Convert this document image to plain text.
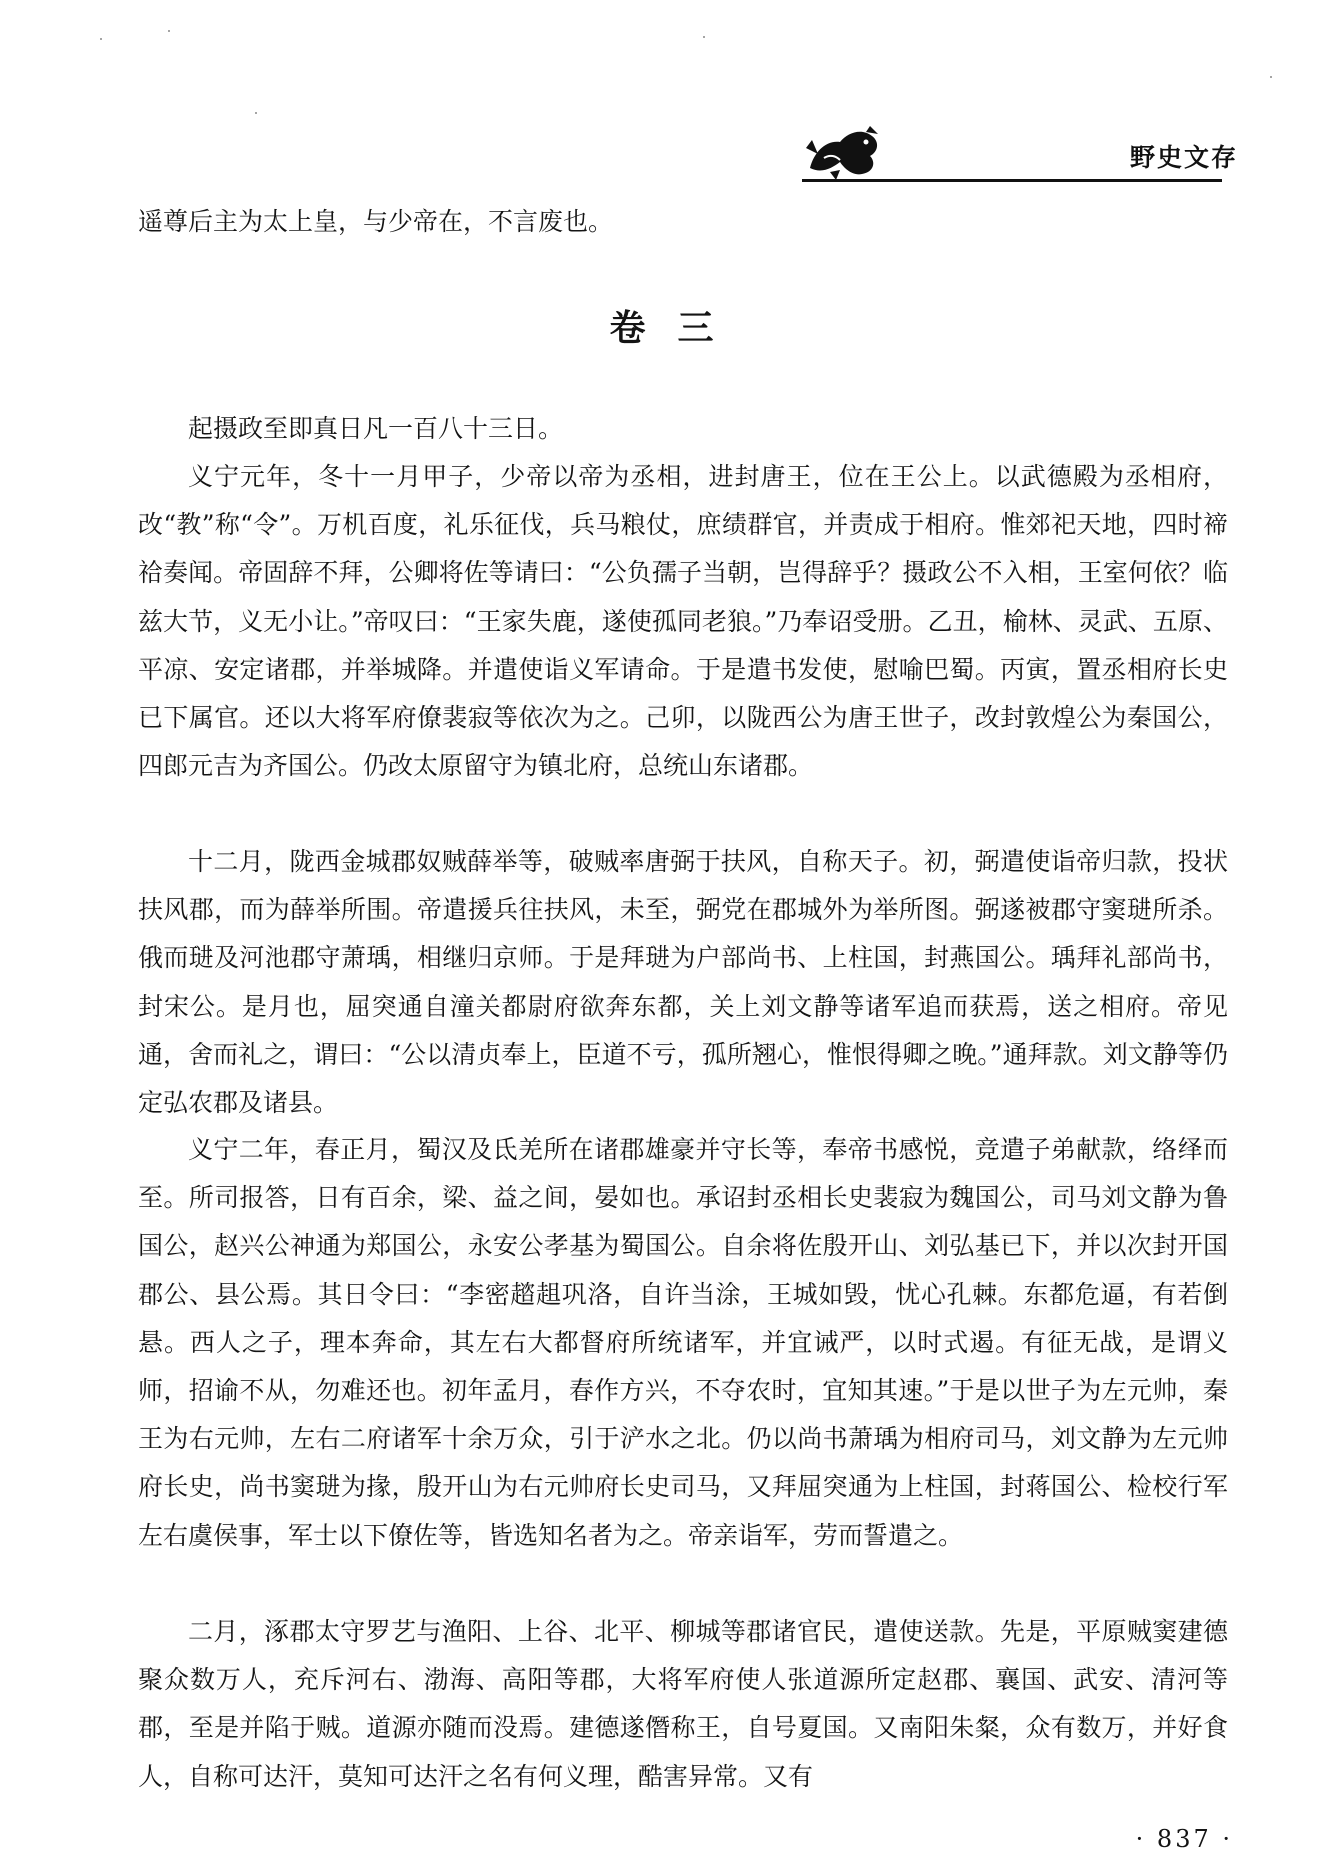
野史文存

遥尊后主为太上皇，与少帝在，不言废也。

卷三

起摄政至即真日凡一百八十三日。

义宁元年，冬十一月甲子，少帝以帝为丞相，进封唐王，位在王公上。以武德殿为丞相府，改“教”称“令”。万机百度，礼乐征伐，兵马粮仗，庶绩群官，并责成于相府。惟郊祀天地，四时禘祫奏闻。帝固辞不拜，公卿将佐等请曰：“公负孺子当朝，岂得辞乎？摄政公不入相，王室何依？临兹大节，义无小让。”帝叹曰：“王家失鹿，遂使孤同老狼。”乃奉诏受册。乙丑，榆林、灵武、五原、平凉、安定诸郡，并举城降。并遣使诣义军请命。于是遣书发使，慰喻巴蜀。丙寅，置丞相府长史已下属官。还以大将军府僚裴寂等依次为之。己卯，以陇西公为唐王世子，改封敦煌公为秦国公，四郎元吉为齐国公。仍改太原留守为镇北府，总统山东诸郡。

十二月，陇西金城郡奴贼薛举等，破贼率唐弼于扶风，自称天子。初，弼遣使诣帝归款，投状扶风郡，而为薛举所围。帝遣援兵往扶风，未至，弼党在郡城外为举所图。弼遂被郡守窦琎所杀。俄而琎及河池郡守萧瑀，相继归京师。于是拜琎为户部尚书、上柱国，封燕国公。瑀拜礼部尚书，封宋公。是月也，屈突通自潼关都尉府欲奔东都，关上刘文静等诸军追而获焉，送之相府。帝见通，舍而礼之，谓曰：“公以清贞奉上，臣道不亏，孤所翘心，惟恨得卿之晚。”通拜款。刘文静等仍定弘农郡及诸县。

义宁二年，春正月，蜀汉及氐羌所在诸郡雄豪并守长等，奉帝书感悦，竞遣子弟献款，络绎而至。所司报答，日有百余，梁、益之间，晏如也。承诏封丞相长史裴寂为魏国公，司马刘文静为鲁国公，赵兴公神通为郑国公，永安公孝基为蜀国公。自余将佐殷开山、刘弘基已下，并以次封开国郡公、县公焉。其日令曰：“李密趦趄巩洛，自许当涂，王城如毁，忧心孔棘。东都危逼，有若倒悬。西人之子，理本奔命，其左右大都督府所统诸军，并宜诫严，以时式遏。有征无战，是谓义师，招谕不从，勿难还也。初年孟月，春作方兴，不夺农时，宜知其速。”于是以世子为左元帅，秦王为右元帅，左右二府诸军十余万众，引于浐水之北。仍以尚书萧瑀为相府司马，刘文静为左元帅府长史，尚书窦琎为掾，殷开山为右元帅府长史司马，又拜屈突通为上柱国，封蒋国公、检校行军左右虞侯事，军士以下僚佐等，皆选知名者为之。帝亲诣军，劳而誓遣之。

二月，涿郡太守罗艺与渔阳、上谷、北平、柳城等郡诸官民，遣使送款。先是，平原贼窦建德聚众数万人，充斥河右、渤海、高阳等郡，大将军府使人张道源所定赵郡、襄国、武安、清河等郡，至是并陷于贼。道源亦随而没焉。建德遂僭称王，自号夏国。又南阳朱粲，众有数万，并好食人，自称可达汗，莫知可达汗之名有何义理，酷害异常。又有

· 837 ·
